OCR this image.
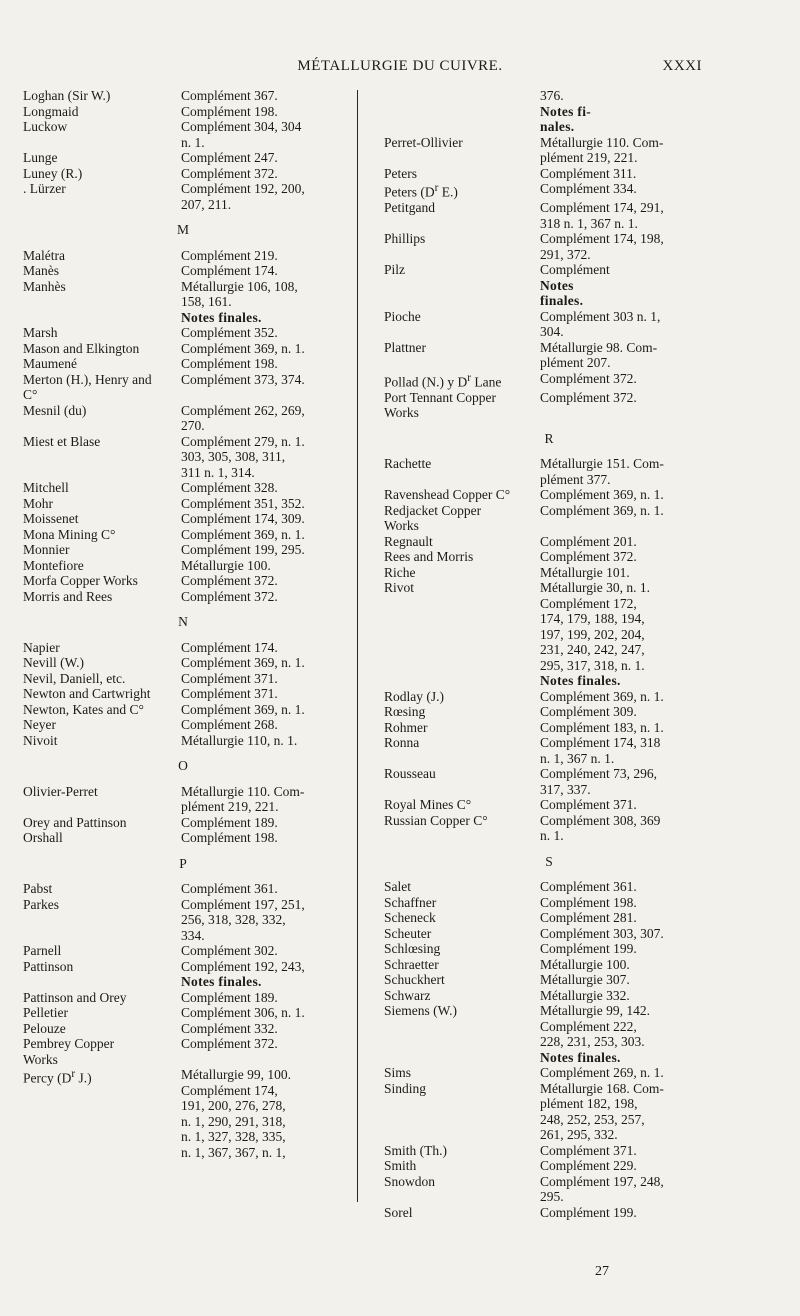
MÉTALLURGIE DU CUIVRE.	XXXI
Loghan (Sir W.)	Complément 367.
Longmaid	Complément 198.
Luckow	Complément 304, 304
n. 1.
Lunge	Complément 247.
Luney (R.)	Complément 372.
. Lürzer	Complément 192, 200,
207, 211.
M
Malétra	Complément 219.
Manès	Complément 174.
Manhès	Métallurgie 106, 108,
158, 161.
Notes finales.
Marsh	Complément 352.
Mason and Elkington	Complément 369, n. 1.
Maumené	Complément 198.
Merton (H.), Henry and	Complément 373, 374.
C°

Mesnil (du)	Complément 262, 269,
270.
Miest et Blase	Complément 279, n. 1.
303, 305, 308, 311,
311 n. 1, 314.
Mitchell	Complément 328.
Mohr	Complément 351, 352.
Moissenet	Complément 174, 309.
Mona Mining C°	Complément 369, n. 1.
Monnier	Complément 199, 295.
Montefiore	Métallurgie 100.
Morfa Copper Works	Complément 372.
Morris and Rees	Complément 372.
N
Napier	Complément 174.
Nevill (W.)	Complément 369, n. 1.
Nevil, Daniell, etc.	Complément 371.
Newton and Cartwright	Complément 371.
Newton, Kates and C°	Complément 369, n. 1.
Neyer	Complément 268.
Nivoit	Métallurgie 110, n. 1.
O
Olivier-Perret	Métallurgie 110. Com-
plément 219, 221.
Orey and Pattinson	Complément 189.
Orshall	Complément 198.
P
Pabst	Complément 361.
Parkes	Complément 197, 251,
256, 318, 328, 332,
334.
Parnell	Complément 302.
Pattinson	Complément 192, 243,
Notes finales.
Pattinson and Orey	Complément 189.
Pelletier	Complément 306, n. 1.
Pelouze	Complément 332.
Pembrey Copper	Complément 372.
Works

Percy ($D^r$ J.)	Métallurgie 99, 100.
Complément 174,
191, 200, 276, 278,
n. 1, 290, 291, 318,
n. 1, 327, 328, 335,
n. 1, 367, 367, n. 1,
376.
Notes fi-
nales.
Perret-Ollivier	Métallurgie 110. Com-
plément 219, 221.
Peters	Complément 311.
Peters ($D^r$ E.)	Complément 334.
Petitgand	Complément 174, 291,
318 n. 1, 367 n. 1.
Phillips	Complément 174, 198,
291, 372.
Pilz	Complément
Notes
finales.
Pioche	Complément 303 n. 1,
304.
Plattner	Métallurgie 98. Com-
plément 207.
Pollad (N.) y $D^r$ Lane	Complément 372.
Port Tennant Copper	Complément 372.
Works

R
Rachette	Métallurgie 151. Com-
plément 377.
Ravenshead Copper C°	Complément 369, n. 1.
Redjacket Copper	Complément 369, n. 1.
Works

Regnault	Complément 201.
Rees and Morris	Complément 372.
Riche	Métallurgie 101.
Rivot	Métallurgie 30, n. 1.
Complément 172,
174, 179, 188, 194,
197, 199, 202, 204,
231, 240, 242, 247,
295, 317, 318, n. 1.
Notes finales.
Rodlay (J.)	Complément 369, n. 1.
Rœsing	Complément 309.
Rohmer	Complément 183, n. 1.
Ronna	Complément 174, 318
n. 1, 367 n. 1.
Rousseau	Complément 73, 296,
317, 337.
Royal Mines C°	Complément 371.
Russian Copper C°	Complément 308, 369
n. 1.
S
Salet	Complément 361.
Schaffner	Complément 198.
Scheneck	Complément 281.
Scheuter	Complément 303, 307.
Schlœsing	Complément 199.
Schraetter	Métallurgie 100.
Schuckhert	Métallurgie 307.
Schwarz	Métallurgie 332.
Siemens (W.)	Métallurgie 99, 142.
Complément 222,
228, 231, 253, 303.
Notes finales.
Sims	Complément 269, n. 1.
Sinding	Métallurgie 168. Com-
plément 182, 198,
248, 252, 253, 257,
261, 295, 332.
Smith (Th.)	Complément 371.
Smith	Complément 229.
Snowdon	Complément 197, 248,
295.
Sorel	Complément 199.
27
